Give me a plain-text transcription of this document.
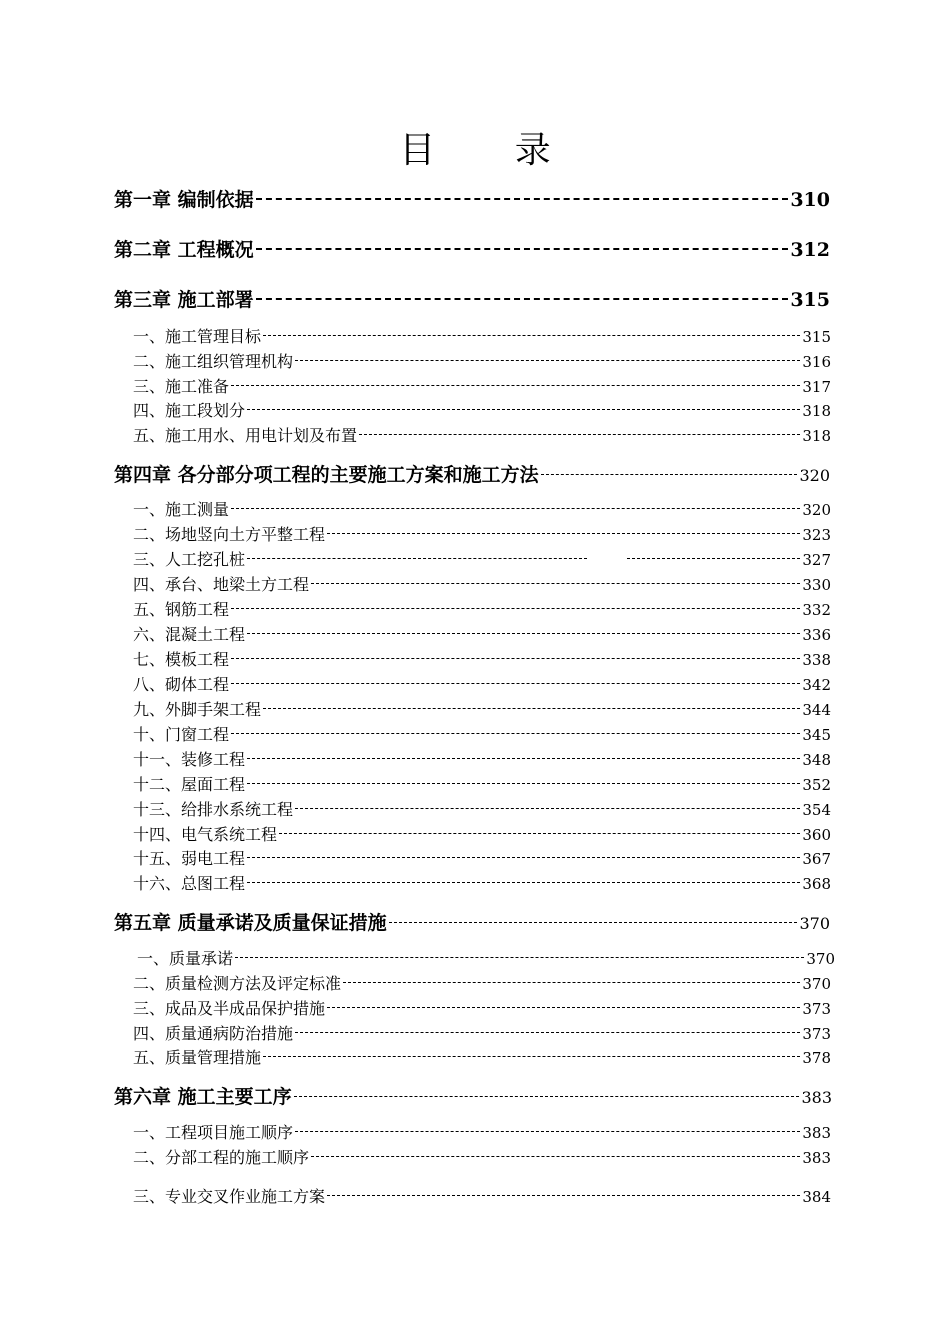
目 录
第一章 编制依据	310
第二章 工程概况	312
第三章 施工部署	315
一、施工管理目标	315
二、施工组织管理机构	316
三、施工准备	317
四、施工段划分	318
五、施工用水、用电计划及布置	318
第四章 各分部分项工程的主要施工方案和施工方法	320
一、施工测量	320
二、场地竖向土方平整工程	323
三、人工挖孔桩	327
四、承台、地梁土方工程	330
五、钢筋工程	332
六、混凝土工程	336
七、模板工程	338
八、砌体工程	342
九、外脚手架工程	344
十、门窗工程	345
十一、装修工程	348
十二、屋面工程	352
十三、给排水系统工程	354
十四、电气系统工程	360
十五、弱电工程	367
十六、总图工程	368
第五章 质量承诺及质量保证措施	370
一、质量承诺	370
二、质量检测方法及评定标准	370
三、成品及半成品保护措施	373
四、质量通病防治措施	373
五、质量管理措施	378
第六章 施工主要工序	383
一、工程项目施工顺序	383
二、分部工程的施工顺序	383
三、专业交叉作业施工方案	384
